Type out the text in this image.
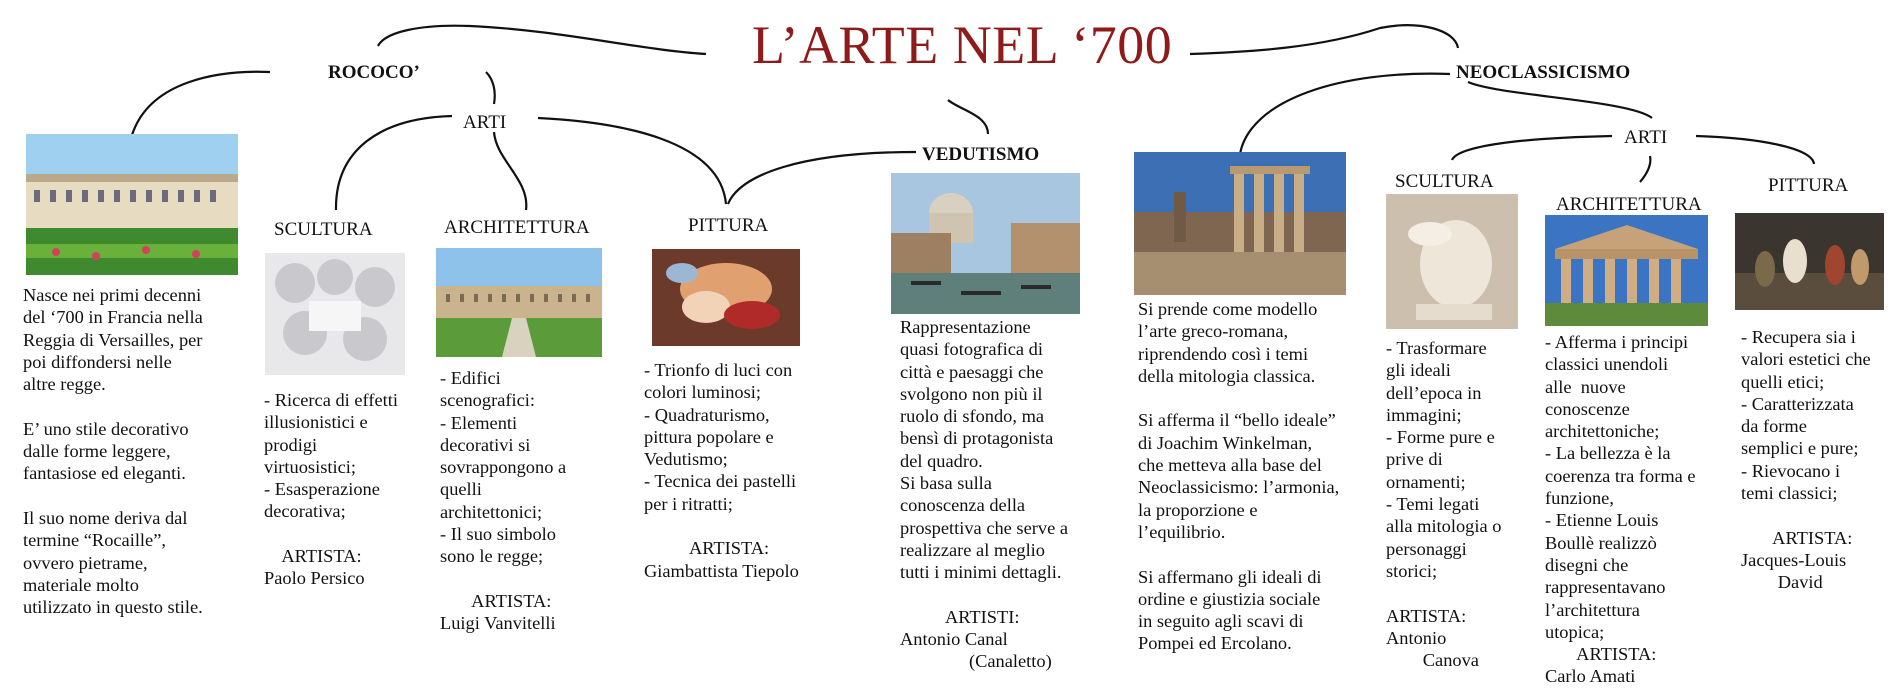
L’ARTE NEL ‘700
ROCOCO’
ARTI
VEDUTISMO
NEOCLASSICISMO
ARTI
SCULTURA	ARCHITETTURA	PITTURA
SCULTURA
ARCHITETTURA
PITTURA
Nasce nei primi decenni
del ‘700 in Francia nella
Reggia di Versailles, per
poi diffondersi nelle
altre regge.

E’ uno stile decorativo
dalle forme leggere,
fantasiose ed eleganti.

Il suo nome deriva dal
termine “Rocaille”,
ovvero pietrame,
materiale molto
utilizzato in questo stile.
- Ricerca di effetti
illusionistici e
prodigi
virtuosistici;
- Esasperazione
decorativa;

ARTISTA:
Paolo Persico
- Edifici
scenografici:
- Elementi
decorativi si
sovrappongono a
quelli
architettonici;
- Il suo simbolo
sono le regge;

ARTISTA:
Luigi Vanvitelli
- Trionfo di luci con
colori luminosi;
- Quadraturismo,
pittura popolare e
Vedutismo;
- Tecnica dei pastelli
per i ritratti;

ARTISTA:
Giambattista Tiepolo
Rappresentazione
quasi fotografica di
città e paesaggi che
svolgono non più il
ruolo di sfondo, ma
bensì di protagonista
del quadro.
Si basa sulla
conoscenza della
prospettiva che serve a
realizzare al meglio
tutti i minimi dettagli.

ARTISTI:
Antonio Canal
(Canaletto)
Si prende come modello
l’arte greco-romana,
riprendendo così i temi
della mitologia classica.

Si afferma il “bello ideale”
di Joachim Winkelman,
che metteva alla base del
Neoclassicismo: l’armonia,
la proporzione e
l’equilibrio.

Si affermano gli ideali di
ordine e giustizia sociale
in seguito agli scavi di
Pompei ed Ercolano.
- Trasformare
gli ideali
dell’epoca in
immagini;
- Forme pure e
prive di
ornamenti;
- Temi legati
alla mitologia o
personaggi
storici;

ARTISTA:
Antonio
Canova
- Afferma i principi
classici unendoli
alle  nuove
conoscenze
architettoniche;
- La bellezza è la
coerenza tra forma e
funzione,
- Etienne Louis
Boullè realizzò
disegni che
rappresentavano
l’architettura
utopica;
ARTISTA:
Carlo Amati
- Recupera sia i
valori estetici che
quelli etici;
- Caratterizzata
da forme
semplici e pure;
- Rievocano i
temi classici;

ARTISTA:
Jacques-Louis
David
